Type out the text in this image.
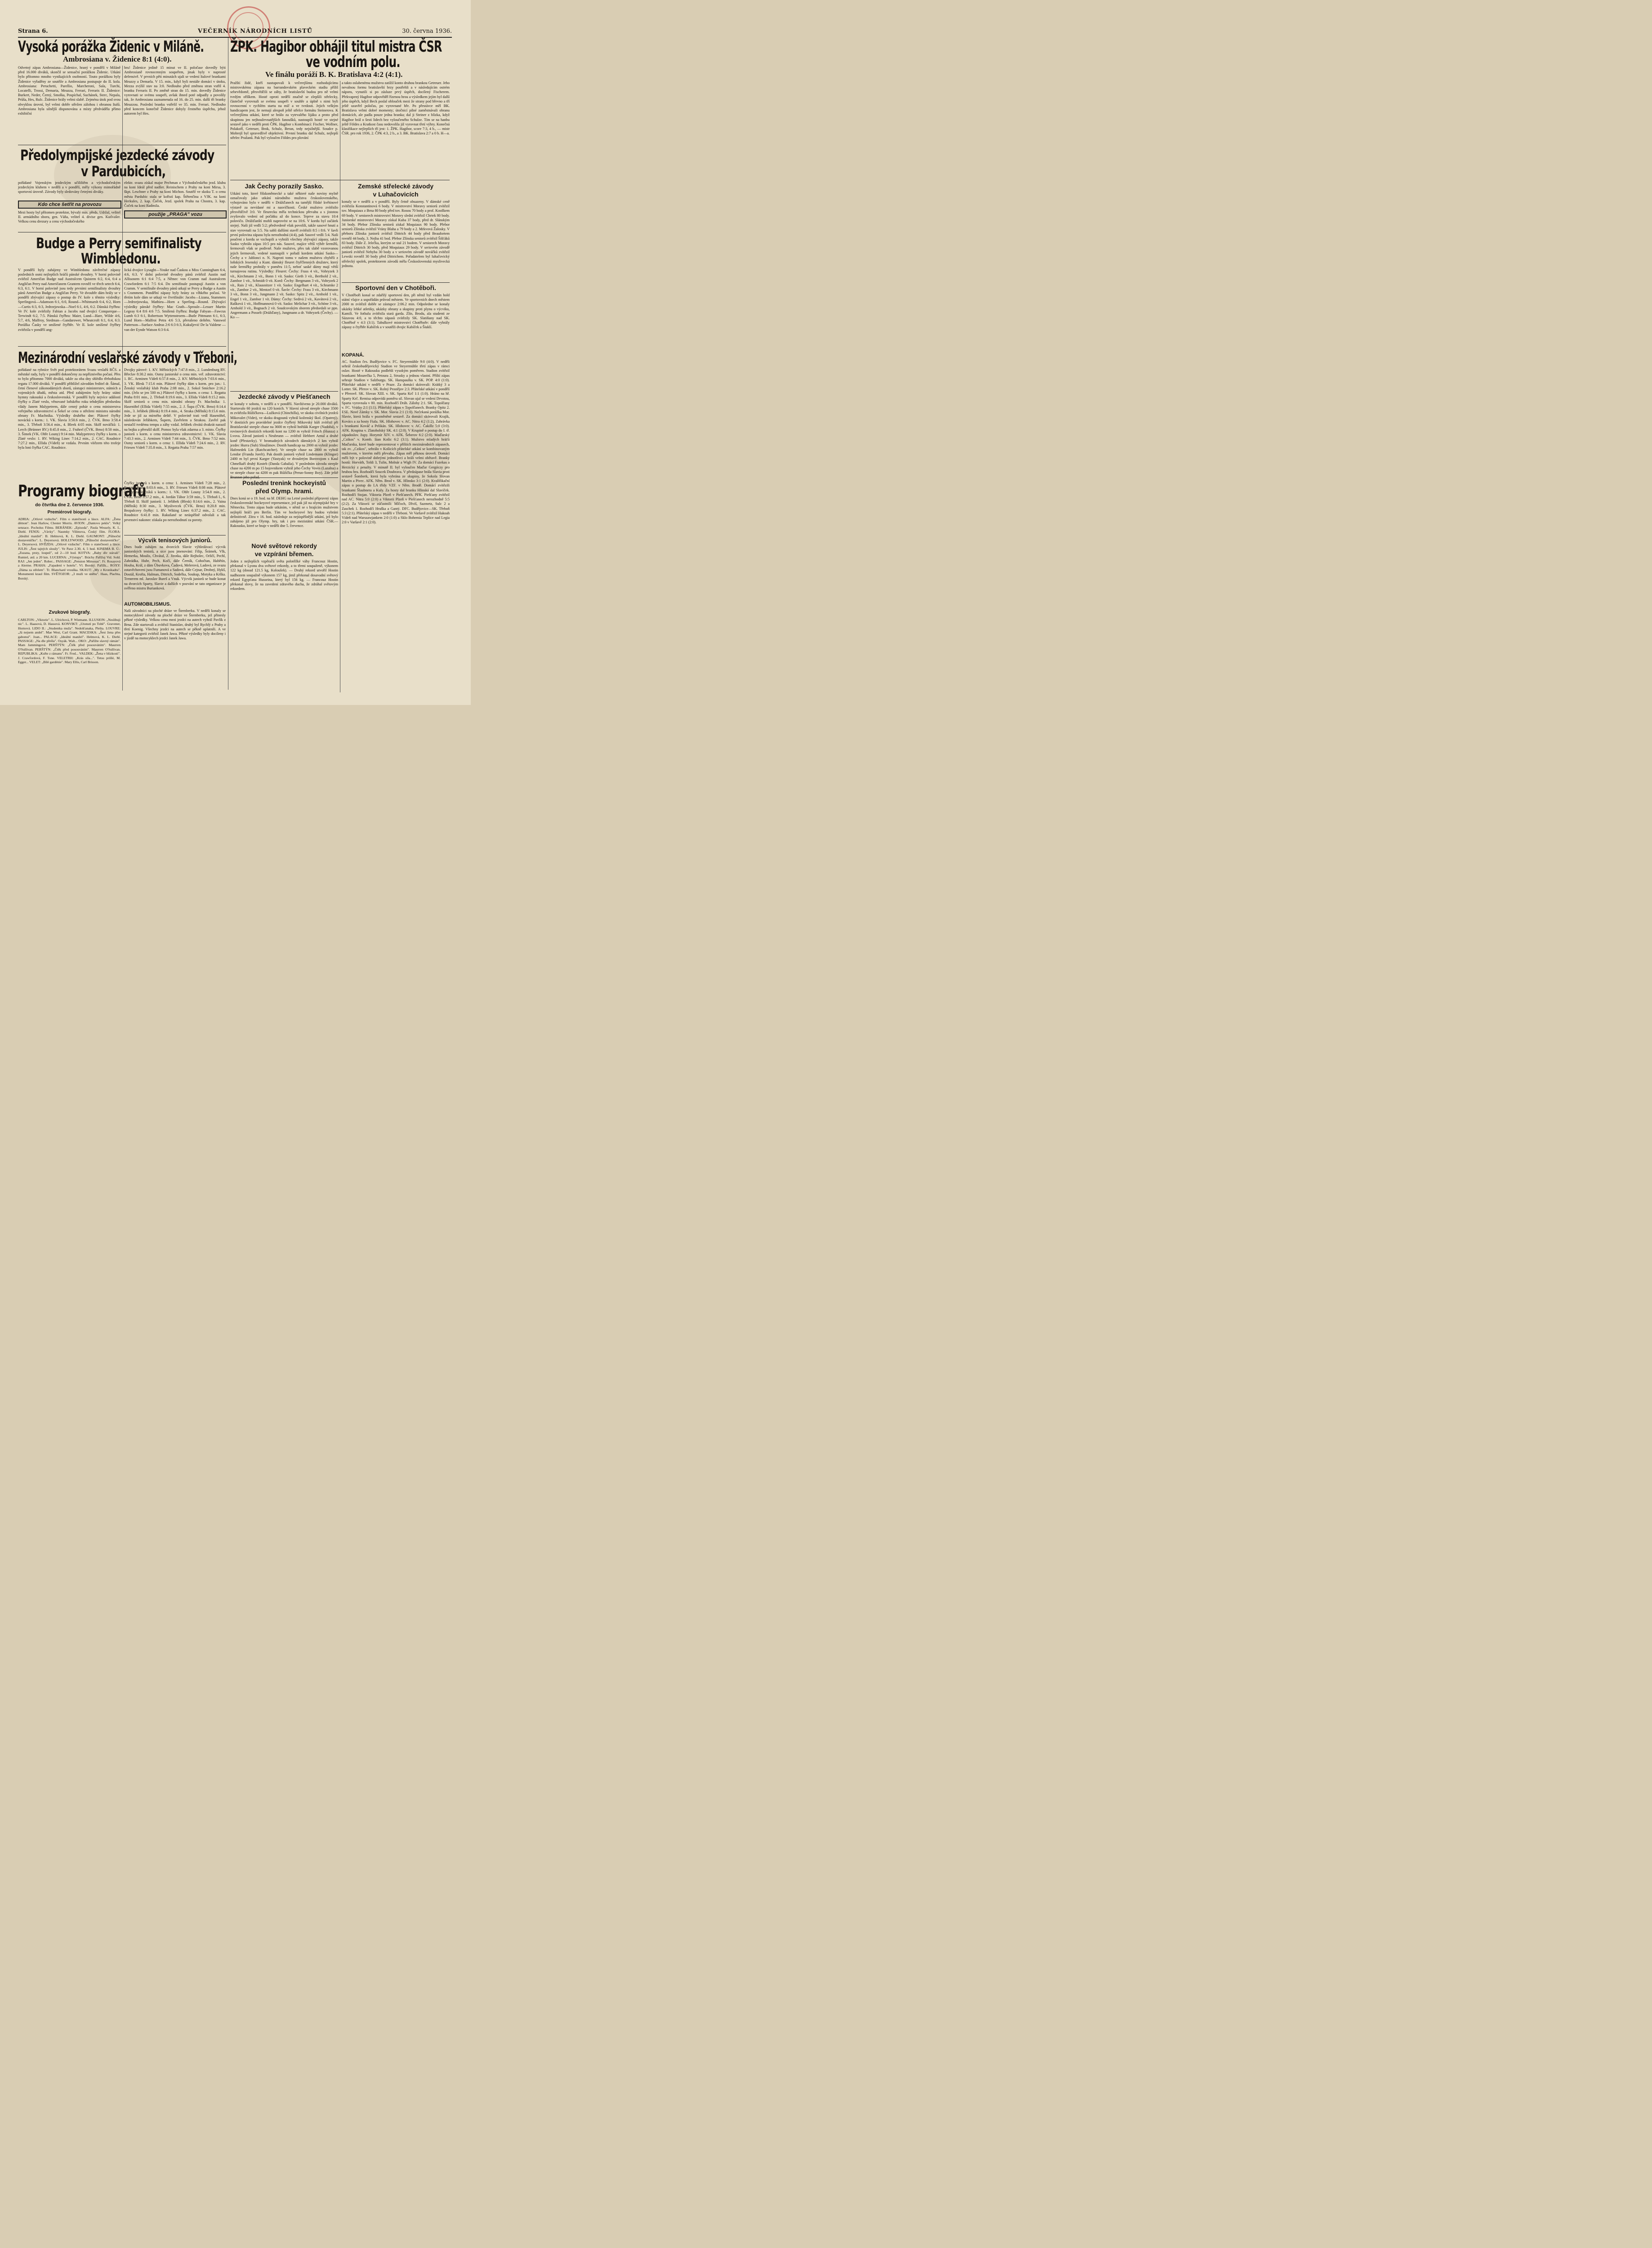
Strana 6.	VEČERNÍK NÁRODNÍCH LISTŮ	30. června 1936.
Vysoká porážka Židenic v Miláně.
Ambrosiana v. Židenice 8:1 (4:0).
Odvetný zápas Ambrosiana—Židenice, hraný v pondělí v Miláně před 16.000 diváků, skončil se sensační porážkou Židenic. Utkání bylo přítomno mnoho vynikajících osobností. Touto porážkou byly Židenice vyřaděny ze soutěže a Ambrosiana postupuje do II. kola. Ambrosiana: Peruchetti, Parellio, Marcheroni, Sala, Turchi, Locatelli, Trossi, Demaria, Meazza, Ferrari, Ferraris II. Židenice: Burkert, Neder, Černý, Smolka, Pospíchal, Suchánek, Sterc, Nepala, Průša, Hes, Rulc. Židenice hrály velmi slabě. Zejména útok pod svou obvyklou úrovní, byl velmi dobře střežen zálohou i obranou Italů. Ambrosiana byla silnější disponována a místy předváděla přímo exhibiční
hru! Židenice jedině 15 minut ve II. poločase dovedly býti Ambrosianě rovnocenným soupeřem, jinak byly v naprosté defensivě. V prvních pěti minutách ujali se vedení Italové brankami Meazzy a Demarla. V 15. min., když byli nestále domácí v útoku, Mezza zvýšil stav na 3:0. Nedlouho před změnou stran vstřil 4. branku Ferraris II. Po změně stran do 15. min. dovedly Židenice vyrovnati se svému soupeři, avšak ihned poté odpadly a povolily tak, že Ambrosiana zaznamenala od 16. do 25. min. další tři branky Meazzou. Poslední branku vstřelil ve 35. min. Ferrari. Nedlouho před koncem konečně Židenice dobyly čestného úspěchu, jehož autorem byl Hes.
ŽPK. Hagibor obhájil titul mistra ČSR
ve vodním polu.
Ve finálu poráží B. K. Bratislava 4:2 (4:1).
Pražští židé, kteří nastupovali k večerejšímu rozhodujícímu mistrovskému zápasu na barrandovském plaveckém stadiu příliš sebevědomě, přesvědčili se záhy, že bratislavští budou pro ně velmi tvrdým oříškem. Hosté oproti nedělí značně se zlepšili střelecky, částečně vyrovnali se svému soupeři v souhře a úplně s nimi byli rovnocenní v rychlém startu na míč a ve tvrdosti. Jejich velkým handicapem jest, že nemají alespoň ještě střelce formátu Steinerova. K večerejšímu utkání, které se hrálo za vytrvalého lijáku a proto před skupinou jen nejhouževnatějších fanoušků, nastoupili hosté ve stejné sestavě jako v neděli proti ČPK. Hagibor s Kombinací: Fischer, Wollner, Polakoff, Getreuer, Brok, Schulz, Beran, tedy nejsilnější. Soudce p. Mobrejš byl spravedlivě objektivní. Prvnní branku dal Schulz, nejlepší střelec Pražanů. Pak byl vyloučen Földes pro plování
a takto oslabenému mužstvu zatížil konto druhou brankou Getreuer. Jeho nevalnou formu bratislavští brzy postřehli a v následujícím ostrém náporu, vynutili si po zásluze prvý úspěch, docílený Fischerem. Překvapený Hagibor odpověděl řízenou hrou a výsledkem jejím byl další jeho úspěch, když Beck poslal oblouček mezi že strany pod břevno a tří ještě uzavřel poločas, po vyrovnané hře. Po přestávce měl BK. Bratislava velmi dobré momenty; útočnicí pilné zaměstnávali obranu domácích, ale padla pouze jedna branka; dal ji Steiner z blízka, když Hagibor hrál o šesti lidech bez vyloučeného Schulze. Tím se na hanbu ještě Földes a Kratkost času nedovolila již vyrovnat třetí výhry. Konečná klasifikace nejlepších tří jest: 1. ŽPK. Hagibor, score 7:3, 4 b., — mistr ČSR. pro rok 1936, 2. ČPK 4:3, 2 b., a 3. BK. Bratislava 2:7 a 0 b. H—a.
Předolympijské jezdecké závody
v Pardubicích,
pořádané Vojenským jezdeckým učilištěm a východočeským jezdeckým klubem v neděli a v pondělí, měly výkony mimořádně sportovní úrovně. Závody byly sledovány četnými diváky.
Kdo chce šetřit na provozu
Mezi hosty byl přítomen protektor, bývalý min. předs. Udržal, velitel II. armádního sboru, gen. Váňa, velitel 4. divise gen. Kutlvašer. Velkou cenu drezury a cenu východočeského
elektr. svazu získal major Pechman z Východočeského jezd. klubu na koni Ideál před nadšer. Reinischem z Prahy na koni Mirsa, 3. škpt. Leschner z Prahy na koni Michon. Soutěž ve skoku T. o cenu města Pardubic stala se kořistí kap. Štětenčina z VJK. na koni Herkules, 2. kap. Čoček, Jezd. spolek Praha na Chostra, 3. kap. Čoček na koni Radmila.
použije „PRAGA" vozu
Budge a Perry semifinalisty
Wimbledonu.
V pondělí byly zahájeny ve Wimbledonu závěrečné zápasy posledních osmi nejlepších hráčů pánské dvouhry. V horní polovině zvítězil Američan Budge nad Australcem Quistem 6:2, 6:4, 6:4 a Angličan Perry nad Američanem Grantem rovněž ve třech setech 6:4, 6:3, 6:1. V horní polovině jsou tedy prvními semifinalisty dvouhry pánů Američan Budge a Angličan Perry. Ve dvouhře dám hrály se v pondělí zbývající zápasy o postup do IV. kole s těmito výsledky: Sperlingová—Adamson 6:1, 6:0, Round—Whitmarsh 6:4, 6:2, Horn—Curtis 6:3, 6:3, Jedrzejowska—Noel 6:1, 4:6, 6:2. Dánská čtyřhra: Ve IV. kole zvítězily Fabian a Jacobs nad dvojicí Conquerque—Terwindt 6:2, 7:5. Pánská čtyřhra: Maier, Lund—Hare, Wilde 4:6, 5:7, 4:6, Malfroy, Stedman—Gandarower, Wheatcroft 6:1, 6:4, 6:3. Porážka Časky ve smíšené čtyřhře. Ve II. kole smíšené čtyřhry zvítězila v pondělí ang-
lická dvojice Lysaght—Youke nad Časkou a Miss Cunningham 6:4, 4:6, 6:3. V dolní polovině dvouhry pánů zvítězil Austin nad Allisonem 6:1 6:4 7:5, a Němec von Cramm nad Australcem Crawfordem 6:1 7:5 6:4. Do semifinale postupují Austin a von Cramm. V semifinále dvouhry pánů utkají se Perry a Budge a Austin s Crammem. Pondělní zápasy byly hrány za vlhkého počasí. Ve třetím kole dám se utkají ve čtvrtfinále: Jacobs—Lizana, Stammers—Jedrzejowska, Mathieu—Horn a Sperling—Round. Zbývající výsledky pánské čtyřhry: Mac Grath—Sproule—Lesuer Martin Legeay 6:4 8:6 4:6 7:5. Smíšená čtyřhra: Budge Fabyan—Fawcus Lumb 6:3 6:1, Robertson Wyttenstroem—Butle Pittmann 6:1, 6:3, Lund Horn—Malfroi Petra 4:6 5:3, přerušeno deštěm. Vanswol Patterson—Surface Andrus 2:6 6:3 6:3, Kukuljević De la Valdene —van der Eynde Watson 6:3 6:4.
Mezinárodní veslařské závody v Třeboni,
pořádané na rybníce Svět pod protektorátem Svazu veslařů RČS. a městské rady, byly v pondělí dokončeny za nepříznivého počasí. Přes to bylo přítomno 7000 diváků, takže za oba dny shlédlo třeboňskou regatu 17.000 diváků. V pondělí přihlížel závodům ředitel dr. Šámal, četní členové zákonodárných sborů, zástupci ministerstev, státních a vojenských úřadů, města atd. Před zahájením byly hrány státní hymny rakouská a československá. V pondělí byly nejvíce událostí čtyřky o Zlaté veslo, věnované loňského roku tehdejším předsedou vlády Janem Malypetrem, dále cenný pohár o cenu ministerstva veřejného zdravotnictví a Šekel se cenu o střeženi ministra národní obrany Fr. Machníka. Výsledky druhého dne: Plátové čtyřky novácků s korm.: 1. VK. Slavia 3:50.6 min., 2. ČVK. Brno 3:58.4 min., 3. Třeboň 3:56.4 min., 4. Bleek 4:05 min. Skiff nováčků: 1. Lerch (Brünner RV.) 8:45.8 min., 2. Frahrel (ČVK. Brno) 8:50 min., 3. Šimek (VK. Ohře Louny) 9:14 min. Malypetrovy čtyřky s korm. o Zlaté veslo: 1. RV. Wiking Linec 7:14.2 min., 2. CAC. Roudnice 7:27.2 min., Ellida (Vídeň) se vzdala. Prvním vítězem této trofeje byla loni čtyřka CAC. Roudnice.
Dvojky párové: 1. KV. Mělnických 7:47.8 min., 2. Lundenburg RV. Břeclav 8:30.2 min. Osmy juniorské o cenu min. veř. zdravotnictví: 1. RC. Arminen Vídeň 6:57.8 min., 2. KV. Mělnických 7:03.6 min., 3. VK. Blesk 7:15.6 min. Plátové čtyřky dám s korm. pro jun.: 1. Ženský veslařský klub Praha 2:08 min., 2. Sokol Smíchov 2:16.2 min. (Jelo se jen 500 m.) Plátové čtyřky s korm. o cenu: 1. Regatta Praha 8:01 min., 2. Třeboň 8:19.6 min., 3. Ellida Vídeň 8:15.2 min. Skiff seniorů o cenu min. národní obrany Fr. Machníka: 1. Hasenöhrl (Ellida Vídeň) 7:55 min., 2. J. Šupa (ČVK. Brno) 8:14.4 min., 3. Jeřábek (Blesk) 8:19.4 min., 4. Straka (Mělník) 8:15.6 min. Jede se již za mírného deště. V polovině trati vedl Hasenöhrl, následován Jeřábkem, Šupem, Zavřelem a Strakou. Zavřel pak nestačil tvrdému tempu a záhy vzdal. Jeřábek chvátá dvakrát narazil na bojku a přerušil skiff. Pomoc byla však zdarma a 3. místo. Čtyřky juniorů s korm. o cenu ministerstva zdravotnictví: 1. VK. Slavia 7:43.3 min., 2. Arminen Vídeň 7:44 min., 3. ČVK. Brno 7:52 min. Osmy seniorů s korm. o cenu: 1. Ellida Vídeň 7:24.6 min., 2. RV. Friesen Vídeň 7:35.8 min., 3. Regatta Praha 7:57 min.
Programy biografů
do čtvrtka dne 2. července 1936.
Premiérové biografy.
ADRIA: „Orlové vzduchu". Film o statečnosti a lásce. ALFA: „Žena démon". Jean Harlow, Chester Morris. AVION: „Dantovo peklo". Velký senzace. Pocholus Filmu. BERÁNEK: „Episoda". Paula Wessely, K. L. Diehl. FENIX: „Vávky". Naumky Vilímova, Český film. FLORA: „Ideální manžel". B. Helmová, K. L. Diehl. GAUMONT: „Půlnoční dostaveníčko". L. Deyersová. HOLLYWOOD: „Půlnoční dostaveníčko". L. Deyersová. HVĚZDA: „Orlové vzduchu". Film o statečnosti a lásce. JULIS: „Šest tajných sloužy". Ve Paxe 2.30, 4, 5 hod. KINEMA B. Ú.: „Zuzana, prsty, loupež", od 2—10 hod. KOTVA: „Baby dív stávali". Rumiel, atd. a 20 km. LUCERNA: „Výstupy". Bráchy Pařížuj Vid. Sold. RAJ: „Jen jeden". Rober... PASSAGE: „Pension Mimosas". Fr. Rosayová a Alerme. PRAHA: „Fapadení v hotelu". Vl. Borský. Pařížk... ROXY: „Dáma za střelem". Tr. Blanchard vrouška. SKAUT: „My z Kronštadtu". Monumenti kraul film. SVĚTOZOR: „3 muži ve sněhu". Haas, Plachta, Borský.
Zvukové biografy.
CARLTON: „Viktorie". L. Ulrichová, P. Wiemann. ILLUSION: „Neslibuji nic". L. Haasová, D. Hassová. KONVIKT: „Utonutí po Tobě". Gravener, Hornová. LIDO II.: „Studentka muža". Nedošťanaka, Plešta. LOUVRE: „Já nejsem andel". Mae West, Carl Grant. MACESKA: „Šest žena přes gabonuí". Joan... PALACE: „Ideální manžel". Helmová, K. L. Diehl. PASSAGE: „Na dle přešla". Osyák. Walt... OKO: „Pařížte slavný rámán". Mam Jammingová. PERŠTÝN: „Čtěk před posouváním". Maurren O'Sullivan. PERŠTÝN: „Čtěk před posouváním". Maurren O'Sullivan. REPUBLIKA: „Kuřte z rámanu". Fr. Fred... VALDEK: „Žena v blízkosti". J. Crawfordová, F. Tone. VELETRH: „Krás síla...". Tetsu prišlé, M. Egger... VELET: „Bílé gardénie". Mary Ellis, Carl Brisson.
Čtyřky juniorů s korm. o cenu: 1. Arminen Vídeň 7:28 min., 2. Regatta Praha 8:03.6 min., 3. RV. Friesen Vídeň 8:08 min. Plátové čtyřky začátečníků s korm.: 1. VK. Ohře Louny 3:54.8 min., 2. ČVK. Brno 3:57.2 min., 4. Jordán Tábor 3:59 min., 5. Třeboň I., 6. Třeboň II. Skiff juniorů: 1. Jeřábek (Blesk) 8:14.6 min., 2. Vaina (Mělník) 8:30 min., 3. Myslivecek (ČVK. Brno) 8:20.8 min. Bezpalcovy čtyřky: 1. RV. Wiking Linec 6:37.2 min., 2. CAC. Roudnice 6:41.8 min. Rakušané se neúspěšně odvolali a tak prvenství nakonec získala po nerozhodnutí za poroty.
Výcvik tenisových juniorů.
Dnes bude zahájen na dvorcích Slavie výhledávací výcvik juniorských tenistů, a sice jsou jmenováni: Filip, Šrámek, Vlk, Hemerka, Moulis, Chvátal, Z. Jirotka, dále Rejholec, Orličí, Pechl, Zahrádka, Hubr, Pech, Kočí, dále Černík, Cohočtan, Habětín, Houba, Král, z dám Úbuvkova, Čadová, Melerová, Ladová, ze svazu zotavěchoveni jsou Fumanová a Sadová, dále Cejnar, Drobný, Hykš, Dostál, Krofta, Halman, Dittrich, Sodelka, Soukup, Motyka a Krška. Trenerem ml. Jaroslav Bureš a Vnuk. Výcvik juniorů se bude konat na dvorcích Sparty, Slavie a dalších v pozvání se tato organizace je svěřeno mistru Burianková.
AUTOMOBILISMUS.
Naši závodníci na ploché dráze ve Šternberku. V neděli konaly se motocyklové závody na ploché dráze ve Šternberku, jež přinesly pěkné výsledky. Velkou cenu mezi jezdci na autech vyhrál Pavlík z Brna. Zde startovali a zvítězil Stanislav, druhý byl Rychlý z Prahy a třetí Koenig. Všechny jezdci na autech se pěkně uplatnili. A ve stejné kategorii zvítězil Janek Jawa. Pěkné výsledky byly docíleny i v jízdě na motocyklech jezdci Janek Jawa.
Jak Čechy porazily Sasko.
Utkání toto, které říšskoněmecké a také některé naše noviny mylně označovaly jako utkání národního mužstva československého, vybojováno bylo v neděli v Drážďanech na tamější říšské květinové výstavě za nevídané mi a nasvíčkosti. České mužstvo zvítězilo přesvědčivě 3:0. Ve fleurecku měla technickou převahu a s jistotou zvyšovalo vedení od počátku až do konce. Teprve za stavu 10:4 polovičo. Drážďanští mohli naprovést se na 10:6. V kordu byl začátek stejný. Naši již vedli 5:2; předvedeně však povolili, takže sasové hnutí a stav vyrovnali na 5:5. Na sabli dalšími stavěl zvítězili 8:5 i 8:6. V šavli první polovina zápasu byla nerozhodná (4:4), pak Sasové vedli 5:4. Naši poučeni z kordu se vzchopili a vyhráli všechny zbývající zápasy, takže Sasko vyhrálo zápas 10:5 pro nás. Sasové, majíce větší výběr šermířů, šermovali však se podivně. Naše mužstvo, přes tak slabě vzorovanou jejich šermovali, vedené nastoupili v pořadí kordem utkání Sasko—Čechy a v Jablonci n. N. Naproti tomu v našem mužstvu chyběli z loňských Jesenský a Kunt. dámský fleuret čtyřčlenných družstev, který naše šermířky prohrály v poměru 11:5, neboť saské dámy mají větší turnajovou rutinu. Výsledky: Fleuret: Čechy: Frass 4 vít., Vohryzek 3 vít., Kirchmann 2 vít., Bonn 1 vít. Sasko: Gieth 3 vít., Berthold 2 vít., Zambor 1 vít., Schmidt 0 vít. Kord: Čechy: Bergmann 3 vít., Vohryzek 2 vít., Rais 2 vít., Klausnitzer 1 vít. Sasko: Engelhart 4 vít., Schramke 2 vít., Zambor 2 vít., Mentzel 0 vít. Šavle: Čechy: Frass 3 vít., Kirchmann 3 vít., Bonn 3 vít., Jungmann 2 vít. Sasko: Spitz 2 vít., Arnhold 1 vít., Engel 1 vít., Zambor 1 vít. Dámy: Čechy: Sedivá 2 vít., Kavátová 2 vít., Rašková 1 vít., Hoffmannová 0 vít. Sasko: Melichar 3 vít., Schöne 3 vít., Arnhold 3 vít., Bognach 2 vít. Soudcovským sborem předsedali se ppn. Angermann a Posselt (Drážďany), Jungmann a dr. Vohryzek (Čechy). — Ko —
Jezdecké závody v Piešťanech
se konaly v sobotu, v neděli a v pondělí. Navštíveno je 20.000 diváků. Startovalo 60 jezdců na 120 koních. V hlavní závod steeple chase 3500 m zvítězila Růžičkova—Lužková (Chinchilla), ve skoku civilních jezdců Mikovalet (Videt), ve skoku dragounů vyhrál koženský škol. (Opatrný). V dostizích pro pravidelné jezdce čtyřletý Mikovský kůň zvítězil při Bratislavské steeple chase na 3600 m vyhrál hnědák Karger (Nadobá), v rovinových dostizích rekordů kont na 1200 m vyhrál Fritsch (Hunza) z Lvova. Závod juniorů s Neubrunn — zvítězil Hebbert Arnul a druhé koně (Přestavky). V hromadných závodech dámských 2 km vyhrál jezdec Hurra (Sub) Sloužímov. Dostih handicap na 2000 m vyhrál jezdec Hafenedek Lin (Ratchcatcher). Ve steeple chase na 2800 m vyhrál Lendor (Frandu Jorelt). Pak dostih juniorů vyhrál Lindemann (Klingor) 2400 m byl první Karger (Yastyak) ve dvouletým Borovojom s Kaul Chmelkaří druhý Kosteb (Danda Gabalia). V posledním závodu steeple chase na 4200 m po 15 bojovnikem vyhrál jeho Čechy Voves (Lazalna) a ve steeple chase na 4200 m pak Růžička (Perun-Sonny Boy). Zde ještě Brunner jeho pořad.
Poslední trenink hockeyistů
před Olymp. hrami.
Dnes koná se o 19. hod. na hř. DEHG na Letné poslední přípravný zápas československé hockeyové representace, jež pak již na olympijské hry v Německu. Tento zápas bude utkáním, v němž se s hrajícím mužstvem nejlepší hráči pro Berlín. Tím ve hockeyové hry budou vybráni definitivně. Zítra v 16. hod. následuje za nejúspěšnější utkání, jež bylo zahájeno již pro Olymp. hry, tak i pro mezistátní utkání ČSR.—Rakousko, které se hraje v neděli dne 5. července.
Nové světové rekordy
ve vzpírání břemen.
Jeden z nejlepších vzpěračů světa polotěžké váhy Francouz Hostin, překonal v Lyonu dva světové rekordy, a to třemi soupaženě, výkonem 122 kg (dosud 121.5 kg, Koloušek). — Druhý rekord utvořil Hostin nadhozem soupažně výkonem 157 kg, jimž překonal dosavadní světový rekord Egypťana Husseina, který byl 156 kg. — Francouz Hostin překonal slovy, že na zavedení zdravého ducha, že zdráhal světovým rekordem.
Zemské střelecké závody
v Luhačovicích
konaly se v neděli a v pondělí. Byly četně obsazeny. V dámské ceně zvítězila Konstantinová 6 body. V mistrovství Moravy seniorů zvítězil tov. Moquiaux z Brna 80 body před tov. Rosou 70 body a prof. Kostlkem 69 body. V seniorech mistrovství Moravy slední zvítězil Chrtek 80 body. Juniorské mistrovství Moravy získal Kuba 37 body, před dr. Slánským 34 body. Přebor Zlínska seniorů získal Moquiaux 90 body. Přebor seniorů Zlínska zvítězil Vrány Blaha a 79 body a 2. Mrkvová Žalosky. V přeboru Zlínska juniorů zvítězil Dittrich 44 body před Beaufortem rovněž 44 body, 3. Nejba 41 bod. Přebor Zlínska seniorů zvítězil Šišťáků 83 body. Dále Z. Jelečka, kterým se stal 21 bodem. V seniorech Moravy zvítězil Dittrich 30 body, před Moquiaux 29 body. V seriovém závodě juniorů zvítězil Nehyba 30 body a v seriovém závodě nováčků zvítězil Lewski rovněž 30 body před Dittrichem. Pořadatelem byl luhačovický střelecký spolek, protektorem závodů měla Československá myslivecká jednota.
Sportovní den v Chotěboři.
V Chotěboři konal se zdařilý sportovní den, při němž byl vzdán hold státní vlajce a uspořádán průvod městem. Ve sportovních dnech městem 2000 m zvítězil dobře se zástupce 2:06.2 min. Odpoledne se konaly ukázky lehké atletiky, ukázky obrany a skupiny proti plynu o výcviku, Kamili. Ve fotbalu zvítězila stará garda. Zlín, Brodu, ala studenti ze Sázavou 4:0, a to těchto zápasů zvítězily SK. Slatiňany nad SK. Chotěboř v 4:3 (3:1). Tabulkové mistrovství Chotěboře: dále vyhrály zápasy o čtyřhře Kabíček a v soutěži dvojic Kabíček a Šiuklí.
KOPANÁ.
AC. Stadion čes. Budějovice v. FC. Steyermühle 9:0 (4:0). V neděli sehrál českobudějovický Stadion ve Steyermühle třetí zápas v rámci oslav. Hosté v Rakousku podlehli vysokým poměrem. Stadion zvítězil brankami Mourečka 5, Petoura 2, Strusky a jednou vlastní. Příští zápas sehraje Stadion v Salzburgu. SK. Hanspaulka v. SK. POP. 4:0 (1:0). Přátelské utkání v neděli v Praze. Za domácí skórovali: Krátký 3 a Lotter. SK. Přerov v. SK. Rolný Prostějov 2:3. Přátelské utkání v pondělí v Přerově. SK. Slovan XIII. v. SK. Sparta Krč 1:1 (1:0). Hráno na hř. Sparty Krč. Remisa odpovídá poměru sil. Slovan ujal se vedení Drvotou, Sparta vyrovnala v 80. min. Rozhodčí Dráb. Zálohy 2:1. SK. Topolčany v. FC. Vrútky 2:1 (1:1). Přátelský zápas v Topolčanech. Branky Opitz 2. ESE. Nové Zámky v. SK. Mor. Slavia 2:1 (1:0). Nečekaná porážka Mor. Slavie, která hrála v pozměněné sestavě. Za domácí skórovali Krajík, Kovács a za hosty Fiala. SK. Hlohovec v. AC. Nitra 4:2 (1:2). Zahrávka s brankami Kováč a Pelikán. SK. Hlohovec v. AC. Čakillz 5:0 (3:0). AFK. Krupina v. Zlatoholský SK. 4:1 (2:0). V Krupině o postup do I. tř. západoslov. župy. Horymír XIV. v. AFK. Šeberov 6:2 (2:0). Maďarský „Czikos" v. Komb. Iáan Košic 6:2 (3:1). Mužstvo mladých hráčů Maďarska, které bude reprezentovat v příštích mezinárodních zápasech, tak zv. „Czikos", sehrálo v Košicích přátelské utkání se kombinovaným mužstvem, v kterém měli převahu. Zápas měl pěknou úroveň. Domácí měli být v polovině dobrými jednotlivci a hráli velmi obětavě. Branky hostů: Horváth, Toldi 3, Tulin, Molnár a Wigh IV. Za domácí Fazekas a Herzický z penalty. V minutě II. byl vyloučen Maďar Gergóczy pro hrubou hru. Rozhodčí Soucek Doubrava. V předzápase hrála Slavia proti sestavě Šomberk, která byla vybrána ze skupiny, že Sokola Slovan Martin a Pivec. AFK. Něm. Brod v. SK. Hlinsko 3:1 (2:0). Kvalifikační zápas o postup do I.A třídy VZF. v Něm. Brodě. Domácí zvítězili brankami Šlaubnera a Kuly. Za hosty dal branku Hlinská dal Slavíček. Rozhodčí Stojan. Viktoria Plzeň v Piešťanech. PFK. Piešťany zvítězil nad AC. Nitra 5:0 (2:0) a Viktorii Plzeň v Piešťanech nerozhodně 5:5 (2:2). Za Viktorii se zúčastnili: Mlčoch, Dlviš, Sazmetz, Sulc 2 a Zaschek 1. Rozhodčí Hruška a Gantý. DFC. Budějovice—SK. Třeboň 5:3 (2:1). Přátelský zápas v neděli v Třeboni. Ve Varšavě zvítězil Hakoah Vídeň nad Warszawjankem 2:0 (1:0) a Sklo Bohemia Teplice nad Legia 2:0 v Varšavě 2:1 (2:0).
